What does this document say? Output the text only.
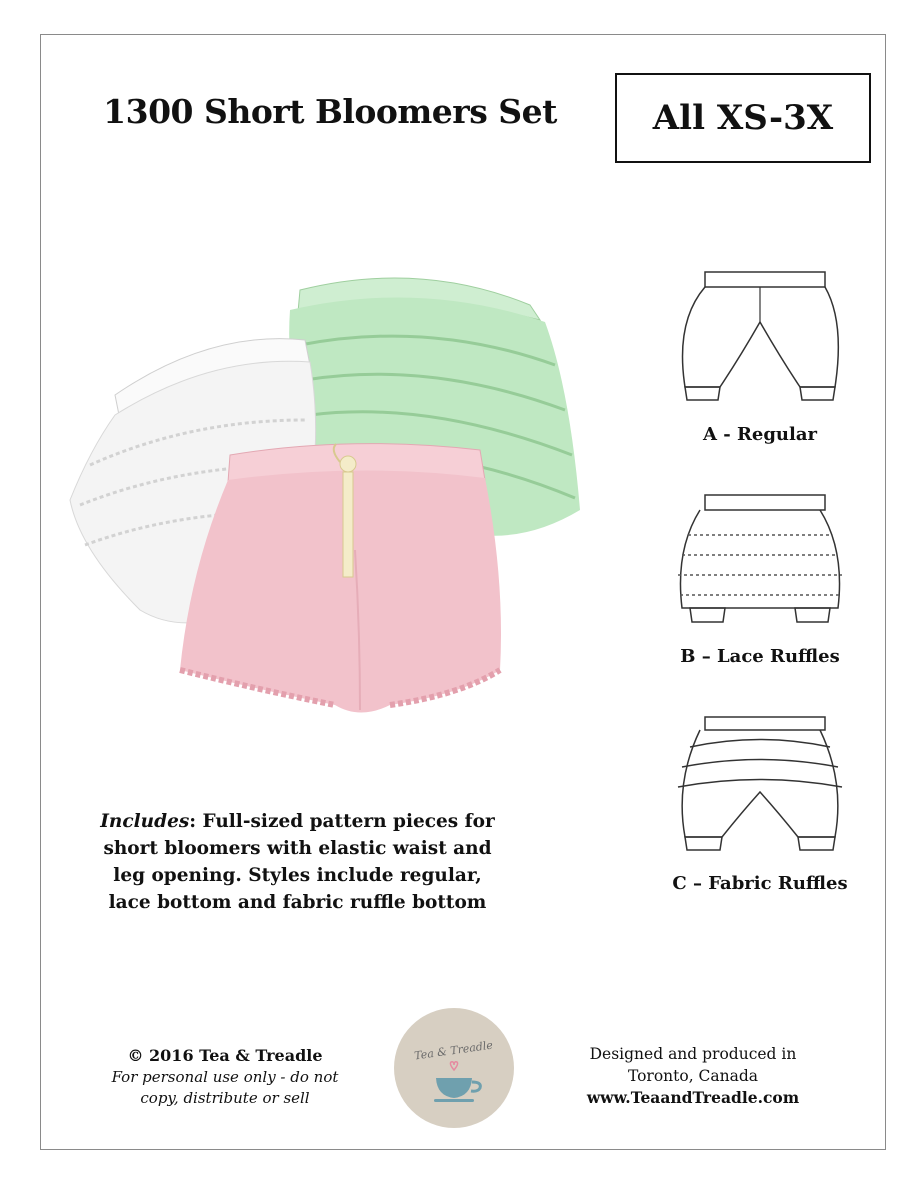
1300 Short Bloomers Set	All XS-3X
A - Regular
B – Lace Ruffles
C – Fabric Ruffles
Includes: Full-sized pattern pieces for short bloomers with elastic waist and leg opening. Styles include regular, lace bottom and fabric ruffle bottom
© 2016 Tea & Treadle
For personal use only - do not copy, distribute or sell
Tea & Treadle	Designed and produced in
Toronto, Canada
www.TeaandTreadle.com
